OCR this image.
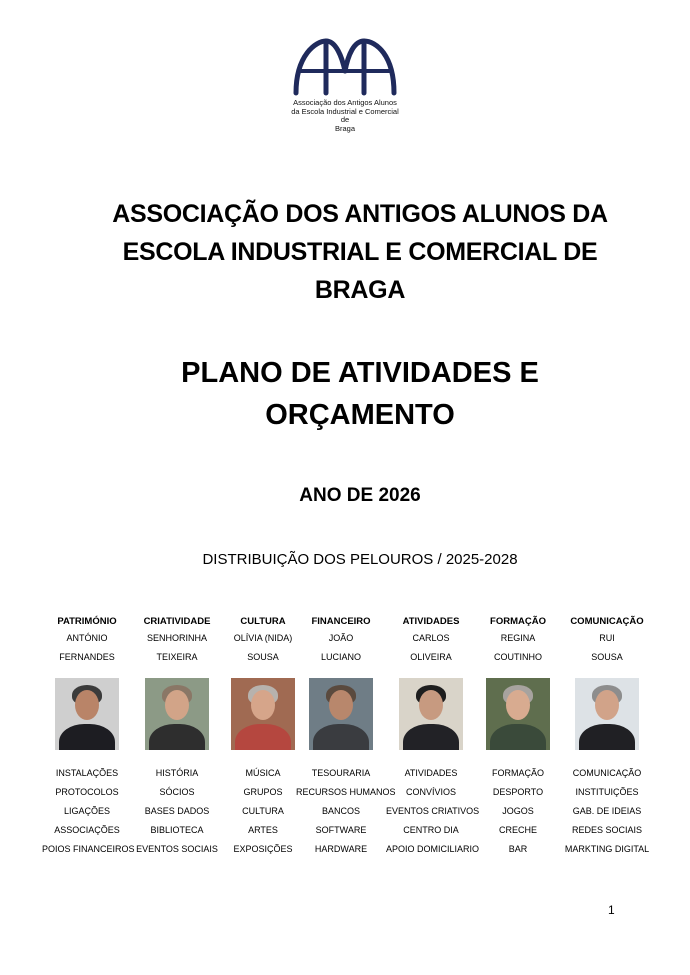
Associação dos Antigos Alunos
da Escola Industrial e Comercial
de
Braga
ASSOCIAÇÃO DOS ANTIGOS ALUNOS DA
ESCOLA INDUSTRIAL E COMERCIAL DE
BRAGA
PLANO DE ATIVIDADES E
ORÇAMENTO
ANO DE 2026
DISTRIBUIÇÃO DOS PELOUROS / 2025-2028
PATRIMÓNIO
ANTÓNIO
FERNANDES
INSTALAÇÕES
PROTOCOLOS
LIGAÇÕES
ASSOCIAÇÕES
POIOS FINANCEIROS
CRIATIVIDADE
SENHORINHA
TEIXEIRA
HISTÓRIA
SÓCIOS
BASES DADOS
BIBLIOTECA
EVENTOS SOCIAIS
CULTURA
OLÍVIA (NIDA)
SOUSA
MÚSICA
GRUPOS
CULTURA
ARTES
EXPOSIÇÕES
FINANCEIRO
JOÃO
LUCIANO
TESOURARIA
RECURSOS HUMANOS
BANCOS
SOFTWARE
HARDWARE
ATIVIDADES
CARLOS
OLIVEIRA
ATIVIDADES
CONVÍVIOS
EVENTOS CRIATIVOS
CENTRO DIA
APOIO DOMICILIARIO
FORMAÇÃO
REGINA
COUTINHO
FORMAÇÃO
DESPORTO
JOGOS
CRECHE
BAR
COMUNICAÇÃO
RUI
SOUSA
COMUNICAÇÃO
INSTITUIÇÕES
GAB. DE IDEIAS
REDES SOCIAIS
MARKTING DIGITAL
1
